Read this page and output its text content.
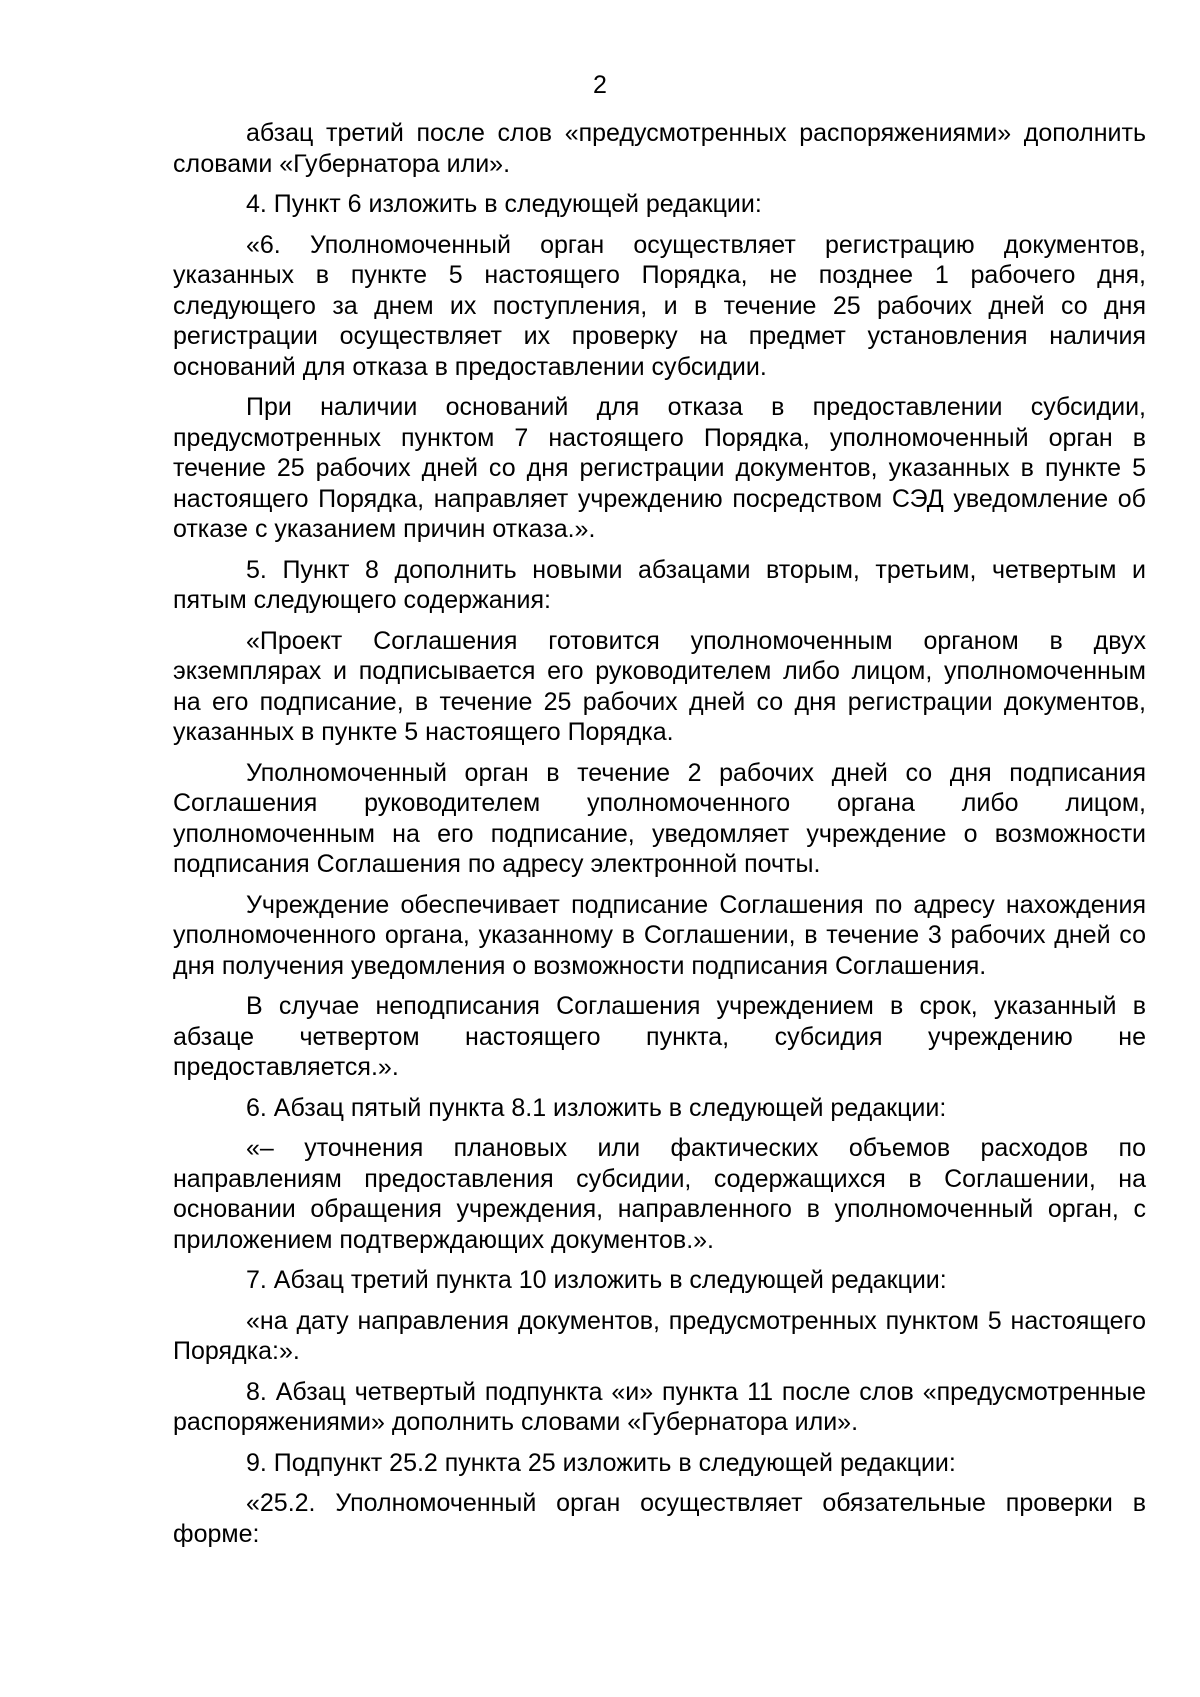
2

абзац третий после слов «предусмотренных распоряжениями» дополнить словами «Губернатора или».

4. Пункт 6 изложить в следующей редакции:

«6. Уполномоченный орган осуществляет регистрацию документов, указанных в пункте 5 настоящего Порядка, не позднее 1 рабочего дня, следующего за днем их поступления, и в течение 25 рабочих дней со дня регистрации осуществляет их проверку на предмет установления наличия оснований для отказа в предоставлении субсидии.

При наличии оснований для отказа в предоставлении субсидии, предусмотренных пунктом 7 настоящего Порядка, уполномоченный орган в течение 25 рабочих дней со дня регистрации документов, указанных в пункте 5 настоящего Порядка, направляет учреждению посредством СЭД уведомление об отказе с указанием причин отказа.».

5. Пункт 8 дополнить новыми абзацами вторым, третьим, четвертым и пятым следующего содержания:

«Проект Соглашения готовится уполномоченным органом в двух экземплярах и подписывается его руководителем либо лицом, уполномоченным на его подписание, в течение 25 рабочих дней со дня регистрации документов, указанных в пункте 5 настоящего Порядка.

Уполномоченный орган в течение 2 рабочих дней со дня подписания Соглашения руководителем уполномоченного органа либо лицом, уполномоченным на его подписание, уведомляет учреждение о возможности подписания Соглашения по адресу электронной почты.

Учреждение обеспечивает подписание Соглашения по адресу нахождения уполномоченного органа, указанному в Соглашении, в течение 3 рабочих дней со дня получения уведомления о возможности подписания Соглашения.

В случае неподписания Соглашения учреждением в срок, указанный в абзаце четвертом настоящего пункта, субсидия учреждению не предоставляется.».

6. Абзац пятый пункта 8.1 изложить в следующей редакции:

«– уточнения плановых или фактических объемов расходов по направлениям предоставления субсидии, содержащихся в Соглашении, на основании обращения учреждения, направленного в уполномоченный орган, с приложением подтверждающих документов.».

7. Абзац третий пункта 10 изложить в следующей редакции:

«на дату направления документов, предусмотренных пунктом 5 настоящего Порядка:».

8. Абзац четвертый подпункта «и» пункта 11 после слов «предусмотренные распоряжениями» дополнить словами «Губернатора или».

9. Подпункт 25.2 пункта 25 изложить в следующей редакции:

«25.2. Уполномоченный орган осуществляет обязательные проверки в форме:
